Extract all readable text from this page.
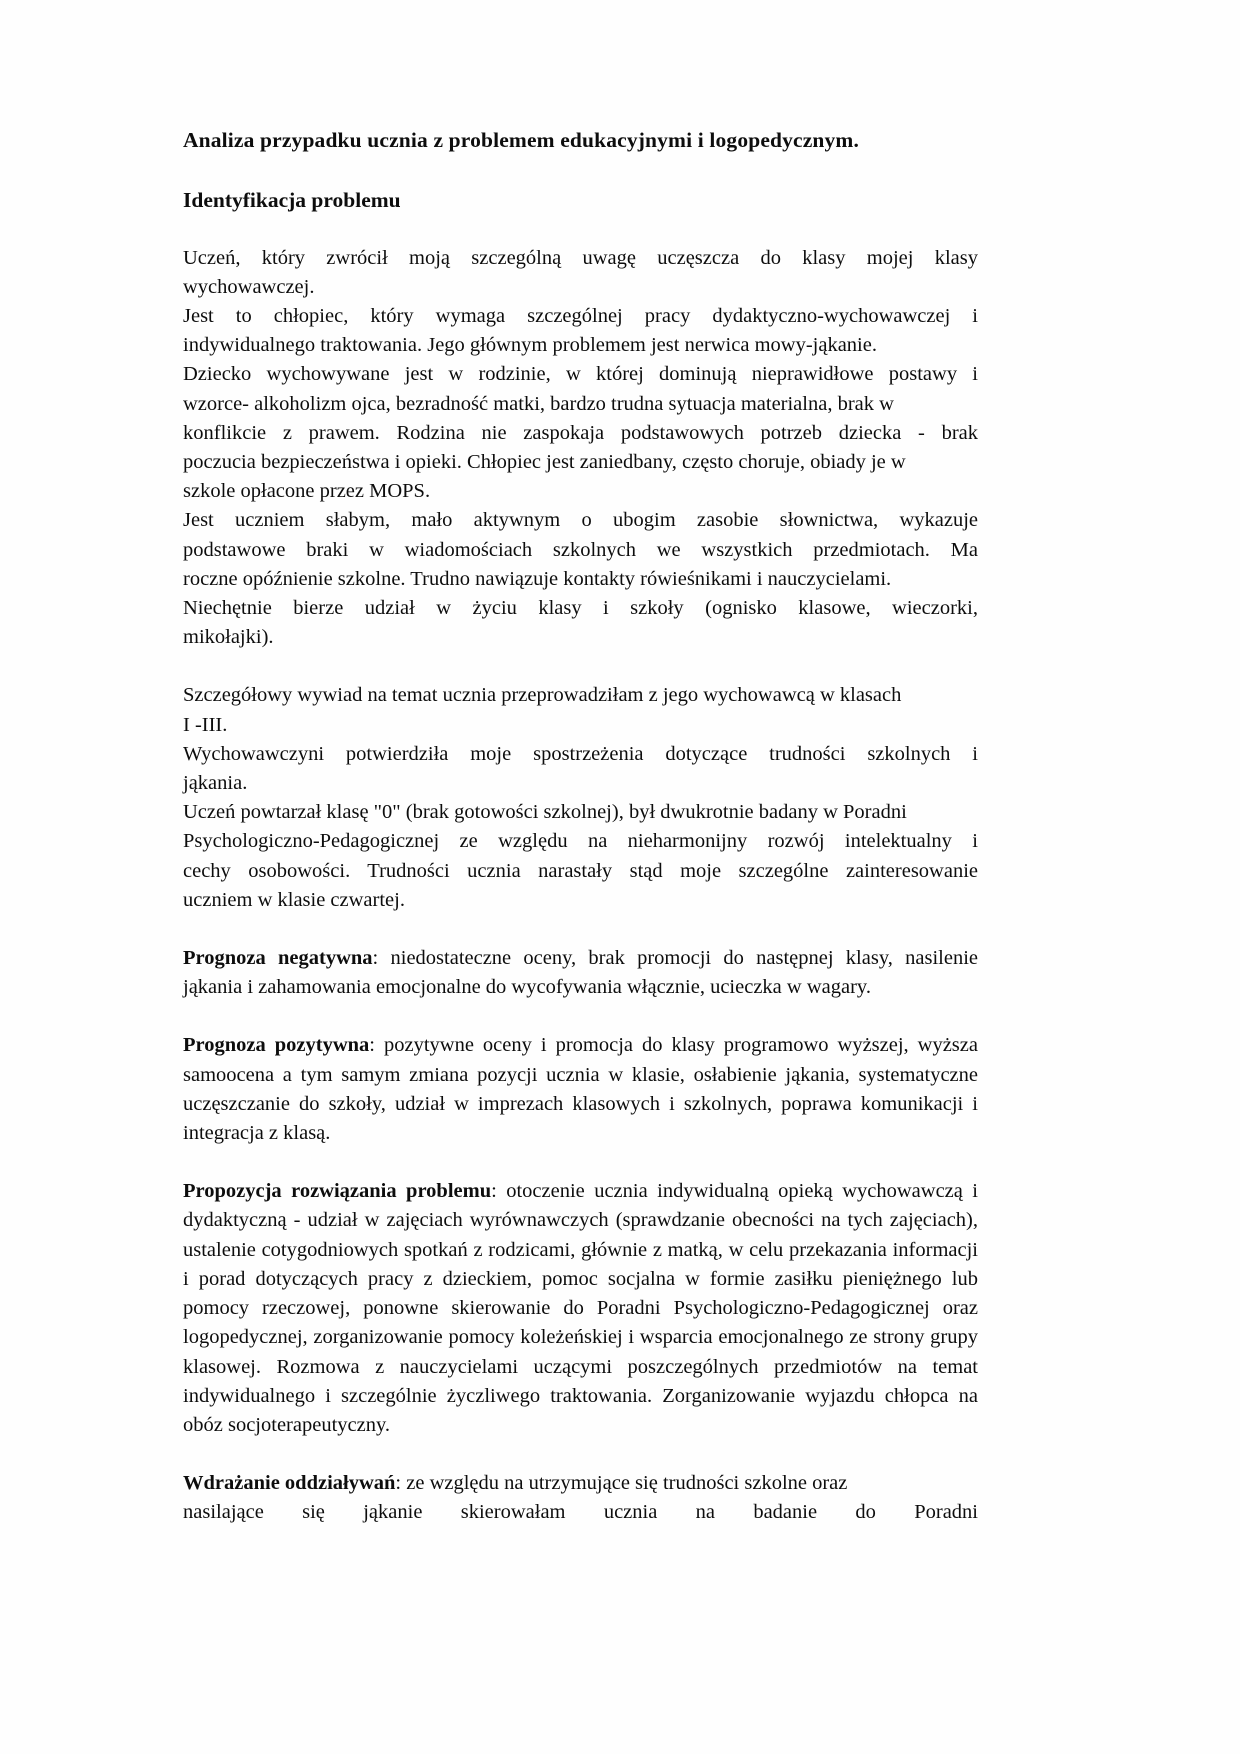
Analiza przypadku ucznia z problemem edukacyjnymi i logopedycznym.
Identyfikacja problemu
Uczeń, który zwrócił moją szczególną uwagę uczęszcza do klasy mojej klasy
wychowawczej.
Jest to chłopiec, który wymaga szczególnej pracy dydaktyczno-wychowawczej i
indywidualnego traktowania. Jego głównym problemem jest nerwica mowy-jąkanie.
Dziecko wychowywane jest w rodzinie, w której dominują nieprawidłowe postawy i
wzorce- alkoholizm ojca, bezradność matki, bardzo trudna sytuacja materialna, brak w
konflikcie z prawem. Rodzina nie zaspokaja podstawowych potrzeb dziecka - brak
poczucia bezpieczeństwa i opieki. Chłopiec jest zaniedbany, często choruje, obiady je w
szkole opłacone przez MOPS.
Jest uczniem słabym, mało aktywnym o ubogim zasobie słownictwa, wykazuje
podstawowe braki w wiadomościach szkolnych we wszystkich przedmiotach. Ma
roczne opóźnienie szkolne. Trudno nawiązuje kontakty rówieśnikami i nauczycielami.
Niechętnie bierze udział w życiu klasy i szkoły (ognisko klasowe, wieczorki,
mikołajki).
Szczegółowy wywiad na temat ucznia przeprowadziłam z jego wychowawcą w klasach
I -III.
Wychowawczyni potwierdziła moje spostrzeżenia dotyczące trudności szkolnych i
jąkania.
Uczeń powtarzał klasę "0" (brak gotowości szkolnej), był dwukrotnie badany w Poradni
Psychologiczno-Pedagogicznej ze względu na nieharmonijny rozwój intelektualny i
cechy osobowości. Trudności ucznia narastały stąd moje szczególne zainteresowanie
uczniem w klasie czwartej.

Prognoza negatywna: niedostateczne oceny, brak promocji do następnej klasy, nasilenie jąkania i zahamowania emocjonalne do wycofywania włącznie, ucieczka w wagary.

Prognoza pozytywna: pozytywne oceny i promocja do klasy programowo wyższej, wyższa samoocena a tym samym zmiana pozycji ucznia w klasie, osłabienie jąkania, systematyczne uczęszczanie do szkoły, udział w imprezach klasowych i szkolnych, poprawa komunikacji i integracja z klasą.

Propozycja rozwiązania problemu: otoczenie ucznia indywidualną opieką wychowawczą i dydaktyczną - udział w zajęciach wyrównawczych (sprawdzanie obecności na tych zajęciach), ustalenie cotygodniowych spotkań z rodzicami, głównie z matką, w celu przekazania informacji i porad dotyczących pracy z dzieckiem, pomoc socjalna w formie zasiłku pieniężnego lub pomocy rzeczowej, ponowne skierowanie do Poradni Psychologiczno-Pedagogicznej oraz logopedycznej, zorganizowanie pomocy koleżeńskiej i wsparcia emocjonalnego ze strony grupy klasowej. Rozmowa z nauczycielami uczącymi poszczególnych przedmiotów na temat indywidualnego i szczególnie życzliwego traktowania. Zorganizowanie wyjazdu chłopca na obóz socjoterapeutyczny.

Wdrażanie oddziaływań: ze względu na utrzymujące się trudności szkolne oraz

nasilające się jąkanie skierowałam ucznia na badanie do Poradni
